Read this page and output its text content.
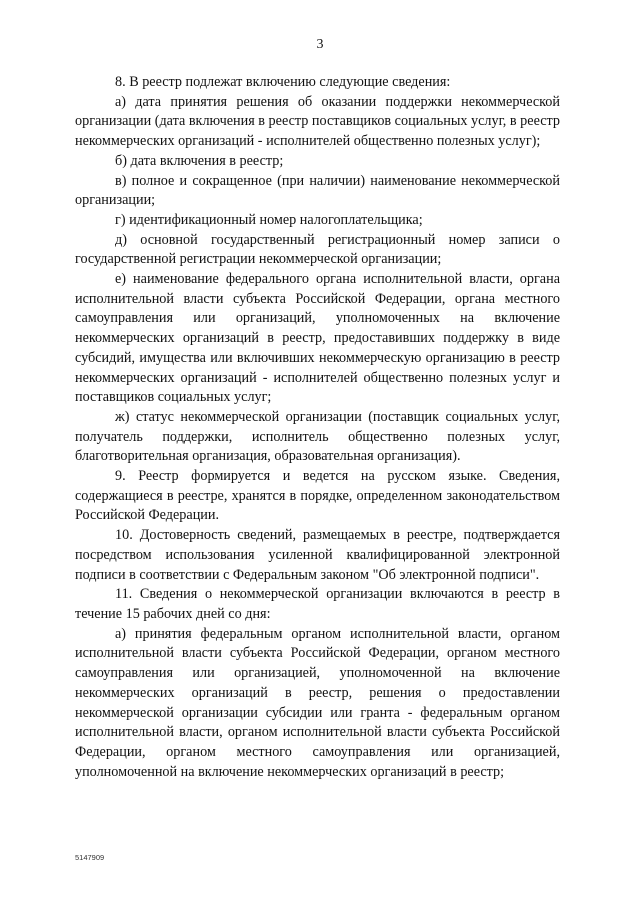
3

8. В реестр подлежат включению следующие сведения:

а) дата принятия решения об оказании поддержки некоммерческой организации (дата включения в реестр поставщиков социальных услуг, в реестр некоммерческих организаций - исполнителей общественно полезных услуг);

б) дата включения в реестр;

в) полное и сокращенное (при наличии) наименование некоммерческой организации;

г) идентификационный номер налогоплательщика;

д) основной государственный регистрационный номер записи о государственной регистрации некоммерческой организации;

е) наименование федерального органа исполнительной власти, органа исполнительной власти субъекта Российской Федерации, органа местного самоуправления или организаций, уполномоченных на включение некоммерческих организаций в реестр, предоставивших поддержку в виде субсидий, имущества или включивших некоммерческую организацию в реестр некоммерческих организаций - исполнителей общественно полезных услуг и поставщиков социальных услуг;

ж) статус некоммерческой организации (поставщик социальных услуг, получатель поддержки, исполнитель общественно полезных услуг, благотворительная организация, образовательная организация).

9. Реестр формируется и ведется на русском языке. Сведения, содержащиеся в реестре, хранятся в порядке, определенном законодательством Российской Федерации.

10. Достоверность сведений, размещаемых в реестре, подтверждается посредством использования усиленной квалифицированной электронной подписи в соответствии с Федеральным законом "Об электронной подписи".

11. Сведения о некоммерческой организации включаются в реестр в течение 15 рабочих дней со дня:

а) принятия федеральным органом исполнительной власти, органом исполнительной власти субъекта Российской Федерации, органом местного самоуправления или организацией, уполномоченной на включение некоммерческих организаций в реестр, решения о предоставлении некоммерческой организации субсидии или гранта - федеральным органом исполнительной власти, органом исполнительной власти субъекта Российской Федерации, органом местного самоуправления или организацией, уполномоченной на включение некоммерческих организаций в реестр;

5147909
